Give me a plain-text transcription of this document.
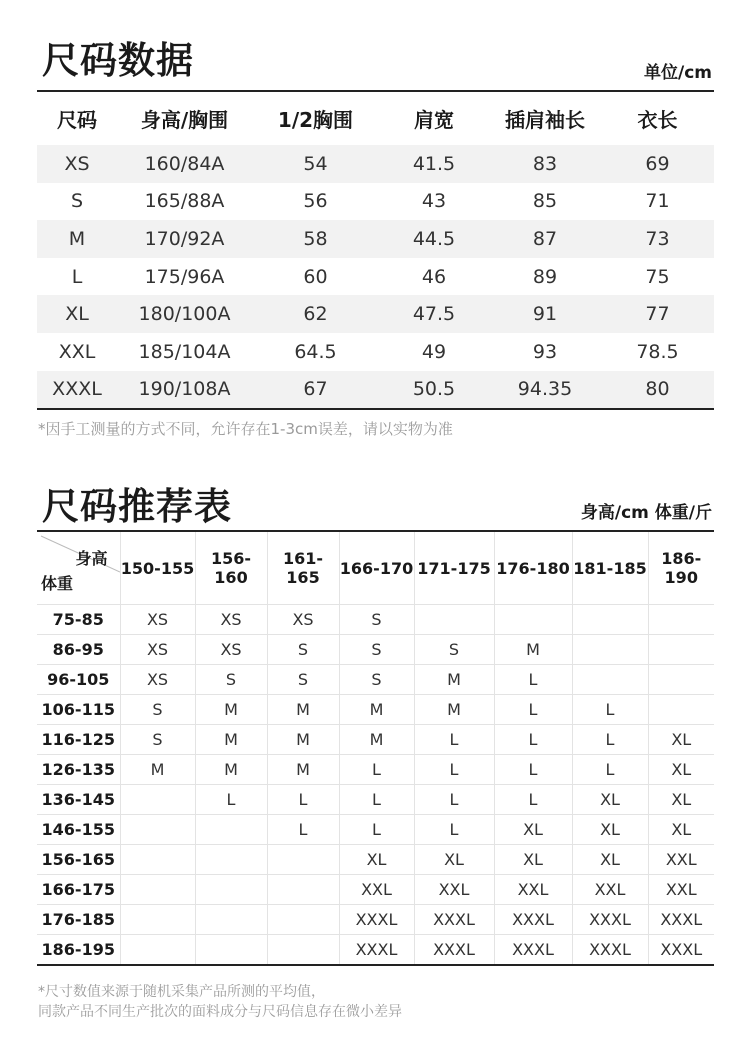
尺码数据	单位/cm
尺码	身高/胸围	1/2胸围	肩宽	插肩袖长	衣长
XS	160/84A	54	41.5	83	69
S	165/88A	56	43	85	71
M	170/92A	58	44.5	87	73
L	175/96A	60	46	89	75
XL	180/100A	62	47.5	91	77
XXL	185/104A	64.5	49	93	78.5
XXXL	190/108A	67	50.5	94.35	80
*因手工测量的方式不同，允许存在1-3cm误差，请以实物为准
尺码推荐表	身高/cm 体重/斤
身高
体重	150-155	156-160	161-165	166-170	171-175	176-180	181-185	186-190
75-85	XS	XS	XS	S				
86-95	XS	XS	S	S	S	M		
96-105	XS	S	S	S	M	L		
106-115	S	M	M	M	M	L	L	
116-125	S	M	M	M	L	L	L	XL
126-135	M	M	M	L	L	L	L	XL
136-145		L	L	L	L	L	XL	XL
146-155			L	L	L	XL	XL	XL
156-165				XL	XL	XL	XL	XXL
166-175				XXL	XXL	XXL	XXL	XXL
176-185				XXXL	XXXL	XXXL	XXXL	XXXL
186-195				XXXL	XXXL	XXXL	XXXL	XXXL
*尺寸数值来源于随机采集产品所测的平均值，
同款产品不同生产批次的面料成分与尺码信息存在微小差异
